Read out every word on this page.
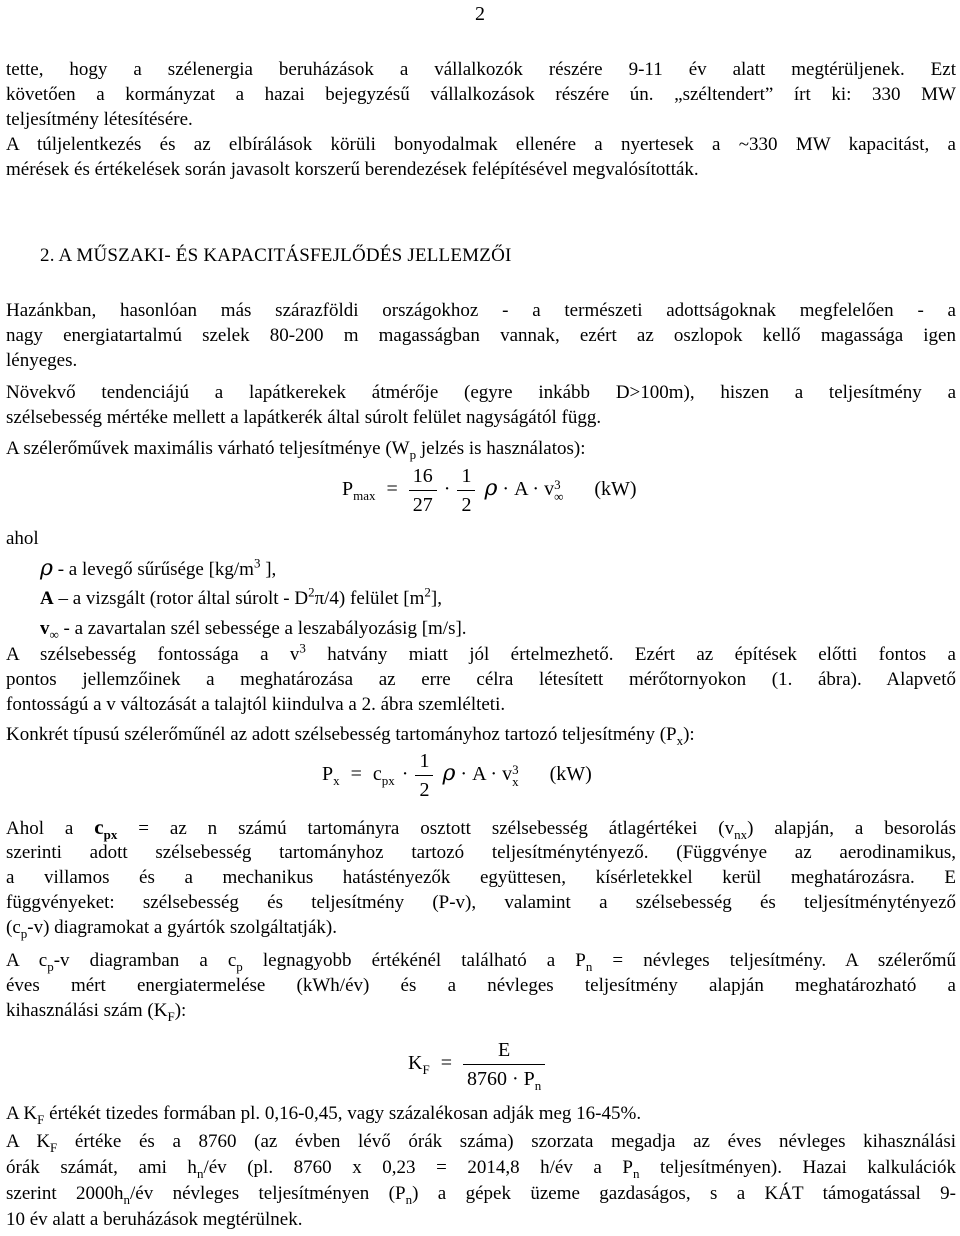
2
tette, hogy a szélenergia beruházások a vállalkozók részére 9-11 év alatt megtérüljenek. Ezt
követően a kormányzat a hazai bejegyzésű vállalkozások részére ún. „széltendert” írt ki: 330 MW
teljesítmény létesítésére.
A túljelentkezés és az elbírálások körüli bonyodalmak ellenére a nyertesek a ~330 MW kapacitást, a
mérések és értékelések során javasolt korszerű berendezések felépítésével megvalósították.
2. A MŰSZAKI- ÉS KAPACITÁSFEJLŐDÉS JELLEMZŐI
Hazánkban, hasonlóan más szárazföldi országokhoz - a természeti adottságoknak megfelelően - a
nagy energiatartalmú szelek 80-200 m magasságban vannak, ezért az oszlopok kellő magassága igen
lényeges.
Növekvő tendenciájú a lapátkerekek átmérője (egyre inkább D>100m), hiszen a teljesítmény a
szélsebesség mértéke mellett a lapátkerék által súrolt felület nagyságától függ.
A szélerőművek maximális várható teljesítménye ($W_p$ jelzés is használatos):
$P_{max} = \frac{16}{27} \cdot \frac{1}{2}$ ρ · A · v 3
∞ (kW)
ahol
ρ - a levegő sűrűsége [$kg/m^3$ ],
A – a vizsgált (rotor által súrolt - $D^2\pi/4$) felület $[m^2]$,
$v_\infty$ - a zavartalan szél sebessége a leszabályozásig [m/s].
A szélsebesség fontossága a $v^3$ hatvány miatt jól értelmezhető. Ezért az építések előtti fontos a
pontos jellemzőinek a meghatározása az erre célra létesített mérőtornyokon (1. ábra). Alapvető
fontosságú a v változását a talajtól kiindulva a 2. ábra szemlélteti.
Konkrét típusú szélerőműnél az adott szélsebesség tartományhoz tartozó teljesítmény $(P_x)$:
$P_x = c_{px} \cdot \frac{1}{2}$ ρ · A · v 3
x (kW)
Ahol a $c_{px}$ = az n számú tartományra osztott szélsebesség átlagértékei $(v_{nx})$ alapján, a besorolás
szerinti adott szélsebesség tartományhoz tartozó teljesítménytényező. (Függvénye az aerodinamikus,
a villamos és a mechanikus hatástényezők együttesen, kísérletekkel kerül meghatározásra. E
függvényeket: szélsebesség és teljesítmény (P-v), valamint a szélsebesség és teljesítménytényező
$(c_p-v)$ diagramokat a gyártók szolgáltatják).
A $c_p-v$ diagramban a $c_p$ legnagyobb értékénél található a $P_n$ = névleges teljesítmény. A szélerőmű
éves mért energiatermelése (kWh/év) és a névleges teljesítmény alapján meghatározható a
kihasználási szám $(K_F)$:
$K_F = \frac{E}{8760 \cdot P_n}$
A $K_F$ értékét tizedes formában pl. 0,16-0,45, vagy százalékosan adják meg 16-45%.
A $K_F$ értéke és a 8760 (az évben lévő órák száma) szorzata megadja az éves névleges kihasználási
órák számát, ami $h_n/év$ (pl. 8760 x 0,23 = 2014,8 h/év a $P_n$ teljesítményen). Hazai kalkulációk
szerint $2000h_n/év$ névleges teljesítményen $(P_n)$ a gépek üzeme gazdaságos, s a KÁT támogatással 9-
10 év alatt a beruházások megtérülnek.
